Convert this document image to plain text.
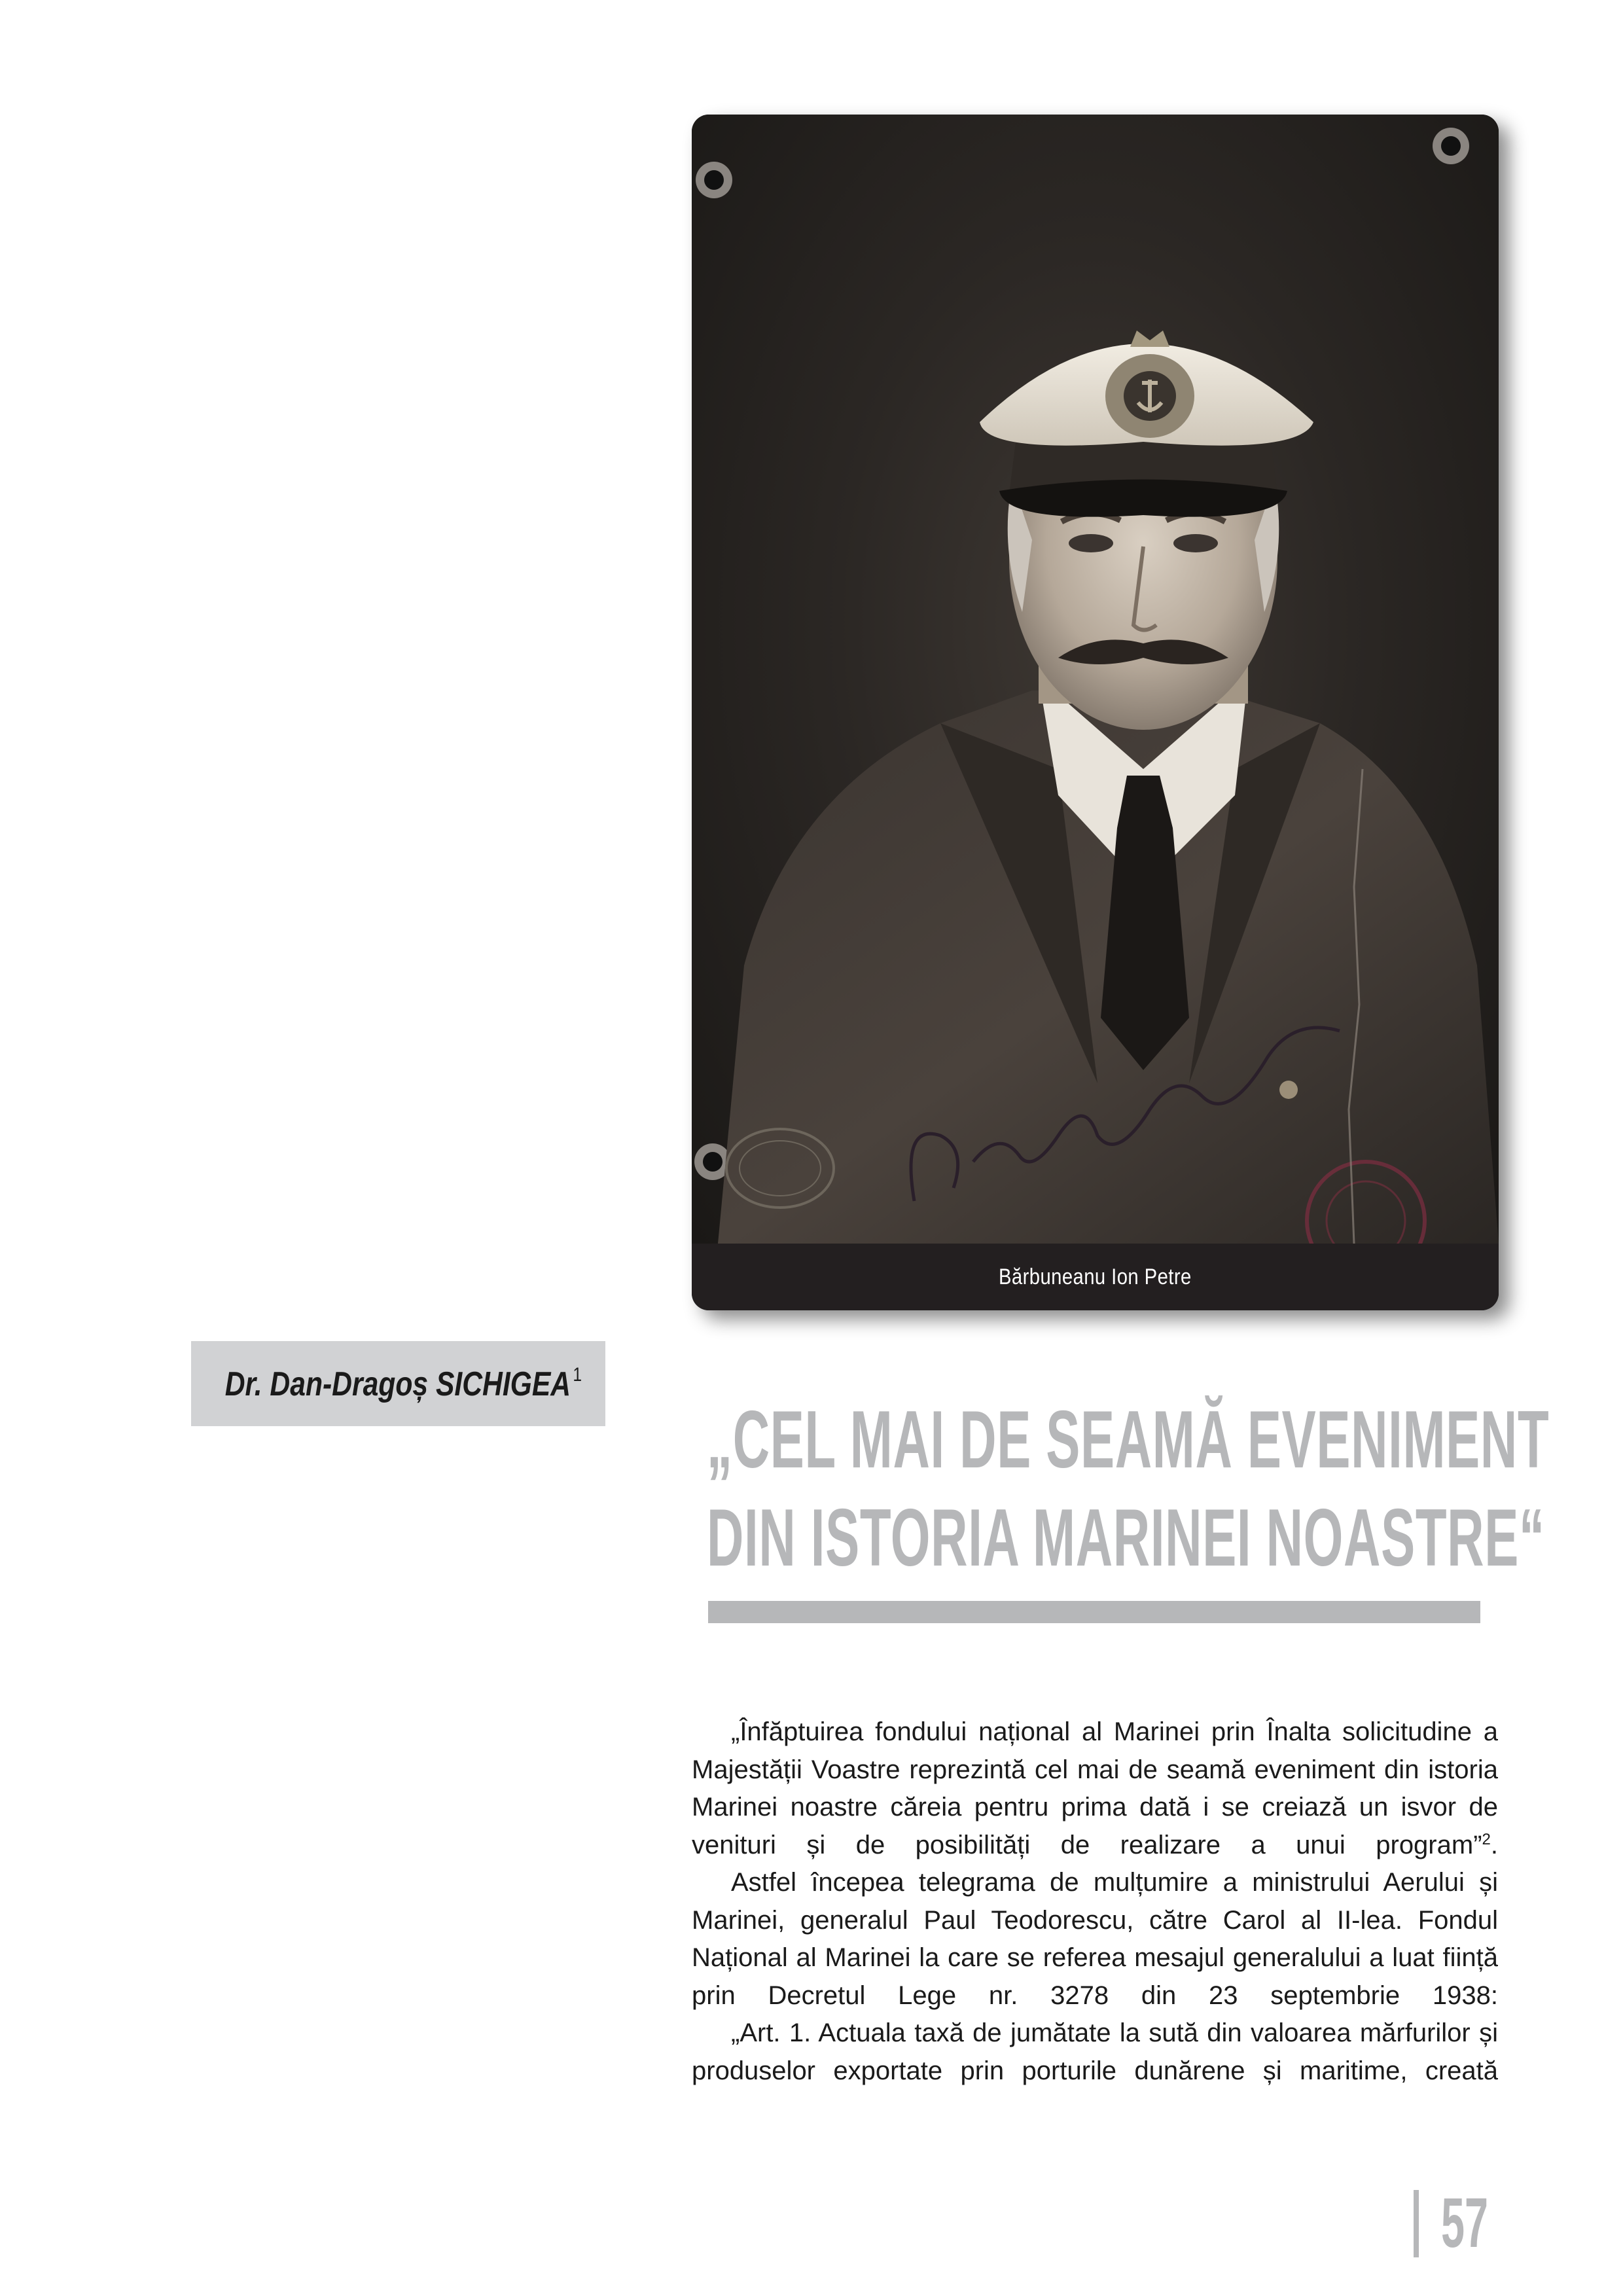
Bărbuneanu Ion Petre
Dr. Dan-Dragoș SICHIGEA $^1$
„CEL MAI DE SEAMĂ EVENIMENT
DIN ISTORIA MARINEI NOASTRE“

„Înfăptuirea fondului național al Marinei prin Înalta solicitudine a Majestății Voastre reprezintă cel mai de seamă eveniment din istoria Marinei noastre căreia pentru prima dată i se creiază un isvor de venituri și de posibilități de realizare a unui program”$^2$.

Astfel începea telegrama de mulțumire a ministrului Aerului și Marinei, generalul Paul Teodorescu, către Carol al II-lea. Fondul Național al Marinei la care se referea mesajul generalului a luat ființă prin Decretul Lege nr. 3278 din 23 septembrie 1938:

„Art. 1. Actuala taxă de jumătate la sută din valoarea mărfurilor și produselor exportate prin porturile dunărene și maritime, creată

57
